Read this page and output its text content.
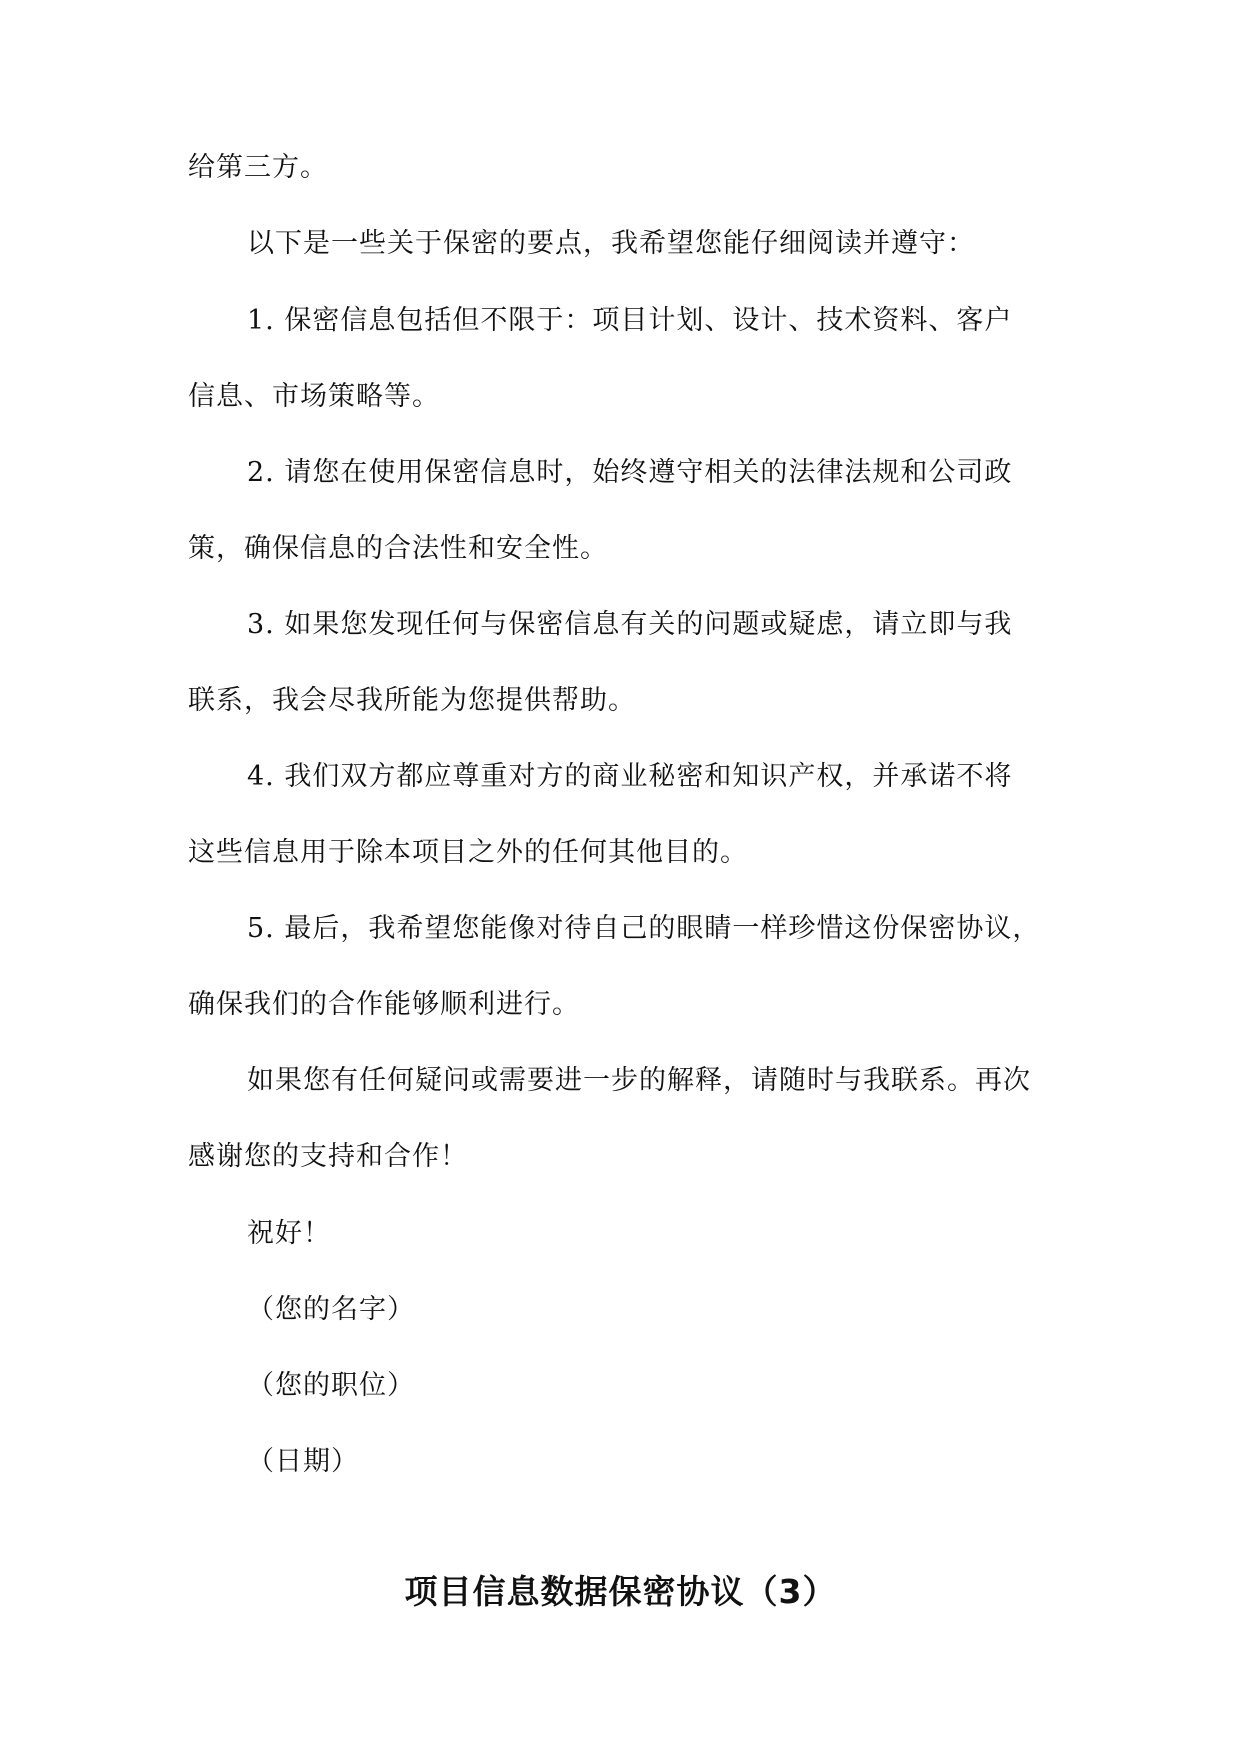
给第三方。
以下是一些关于保密的要点，我希望您能仔细阅读并遵守：
1. 保密信息包括但不限于：项目计划、设计、技术资料、客户
信息、市场策略等。
2. 请您在使用保密信息时，始终遵守相关的法律法规和公司政
策，确保信息的合法性和安全性。
3. 如果您发现任何与保密信息有关的问题或疑虑，请立即与我
联系，我会尽我所能为您提供帮助。
4. 我们双方都应尊重对方的商业秘密和知识产权，并承诺不将
这些信息用于除本项目之外的任何其他目的。
5. 最后，我希望您能像对待自己的眼睛一样珍惜这份保密协议，
确保我们的合作能够顺利进行。
如果您有任何疑问或需要进一步的解释，请随时与我联系。再次
感谢您的支持和合作！
祝好！
（您的名字）
（您的职位）
（日期）
项目信息数据保密协议（3）
